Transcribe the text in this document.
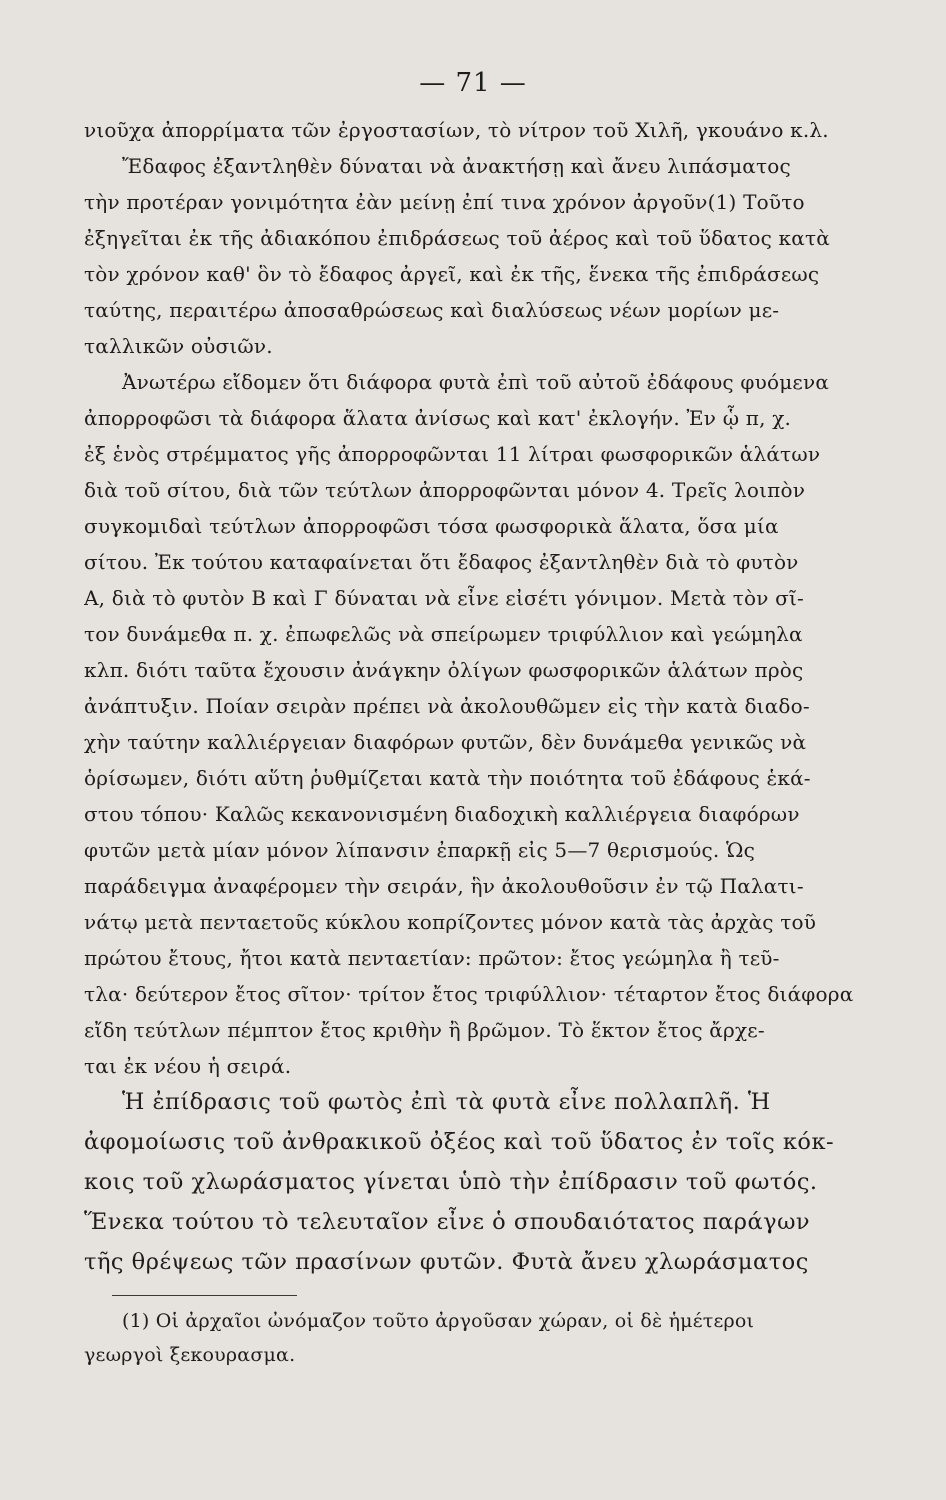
— 71 —
νιοῦχα ἀπορρίματα τῶν ἐργοστασίων, τὸ νίτρον τοῦ Χιλῆ, γκουάνο κ.λ.
Ἔδαφος ἐξαντληθὲν δύναται νὰ ἀνακτήσῃ καὶ ἄνευ λιπάσματος
τὴν προτέραν γονιμότητα ἐὰν μείνῃ ἐπί τινα χρόνον ἀργοῦν(1) Τοῦτο
ἐξηγεῖται ἐκ τῆς ἀδιακόπου ἐπιδράσεως τοῦ ἀέρος καὶ τοῦ ὕδατος κατὰ
τὸν χρόνον καθ' ὃν τὸ ἔδαφος ἀργεῖ, καὶ ἐκ τῆς, ἕνεκα τῆς ἐπιδράσεως
ταύτης, περαιτέρω ἀποσαθρώσεως καὶ διαλύσεως νέων μορίων με-
ταλλικῶν οὐσιῶν.
Ἀνωτέρω εἴδομεν ὅτι διάφορα φυτὰ ἐπὶ τοῦ αὐτοῦ ἐδάφους φυόμενα
ἀπορροφῶσι τὰ διάφορα ἅλατα ἀνίσως καὶ κατ' ἐκλογήν. Ἐν ᾧ π, χ.
ἐξ ἑνὸς στρέμματος γῆς ἀπορροφῶνται 11 λίτραι φωσφορικῶν ἁλάτων
διὰ τοῦ σίτου, διὰ τῶν τεύτλων ἀπορροφῶνται μόνον 4. Τρεῖς λοιπὸν
συγκομιδαὶ τεύτλων ἀπορροφῶσι τόσα φωσφορικὰ ἅλατα, ὅσα μία
σίτου. Ἐκ τούτου καταφαίνεται ὅτι ἔδαφος ἐξαντληθὲν διὰ τὸ φυτὸν
Α, διὰ τὸ φυτὸν Β καὶ Γ δύναται νὰ εἶνε εἰσέτι γόνιμον. Μετὰ τὸν σῖ-
τον δυνάμεθα π. χ. ἐπωφελῶς νὰ σπείρωμεν τριφύλλιον καὶ γεώμηλα
κλπ. διότι ταῦτα ἔχουσιν ἀνάγκην ὀλίγων φωσφορικῶν ἁλάτων πρὸς
ἀνάπτυξιν. Ποίαν σειρὰν πρέπει νὰ ἀκολουθῶμεν εἰς τὴν κατὰ διαδο-
χὴν ταύτην καλλιέργειαν διαφόρων φυτῶν, δὲν δυνάμεθα γενικῶς νὰ
ὁρίσωμεν, διότι αὕτη ῥυθμίζεται κατὰ τὴν ποιότητα τοῦ ἐδάφους ἑκά-
στου τόπου· Καλῶς κεκανονισμένη διαδοχικὴ καλλιέργεια διαφόρων
φυτῶν μετὰ μίαν μόνον λίπανσιν ἐπαρκῇ εἰς 5—7 θερισμούς. Ὡς
παράδειγμα ἀναφέρομεν τὴν σειράν, ἣν ἀκολουθοῦσιν ἐν τῷ Παλατι-
νάτῳ μετὰ πενταετοῦς κύκλου κοπρίζοντες μόνον κατὰ τὰς ἀρχὰς τοῦ
πρώτου ἔτους, ἤτοι κατὰ πενταετίαν: πρῶτον: ἔτος γεώμηλα ἢ τεῦ-
τλα· δεύτερον ἔτος σῖτον· τρίτον ἔτος τριφύλλιον· τέταρτον ἔτος διάφορα
εἴδη τεύτλων πέμπτον ἔτος κριθὴν ἢ βρῶμον. Τὸ ἕκτον ἔτος ἄρχε-
ται ἐκ νέου ἡ σειρά.
Ἡ ἐπίδρασις τοῦ φωτὸς ἐπὶ τὰ φυτὰ εἶνε πολλαπλῆ. Ἡ
ἀφομοίωσις τοῦ ἀνθρακικοῦ ὀξέος καὶ τοῦ ὕδατος ἐν τοῖς κόκ-
κοις τοῦ χλωράσματος γίνεται ὑπὸ τὴν ἐπίδρασιν τοῦ φωτός.
Ἕνεκα τούτου τὸ τελευταῖον εἶνε ὁ σπουδαιότατος παράγων
τῆς θρέψεως τῶν πρασίνων φυτῶν. Φυτὰ ἄνευ χλωράσματος
(1) Οἱ ἀρχαῖοι ὠνόμαζον τοῦτο ἀργοῦσαν χώραν, οἱ δὲ ἡμέτεροι
γεωργοὶ ξεκουρασμα.
